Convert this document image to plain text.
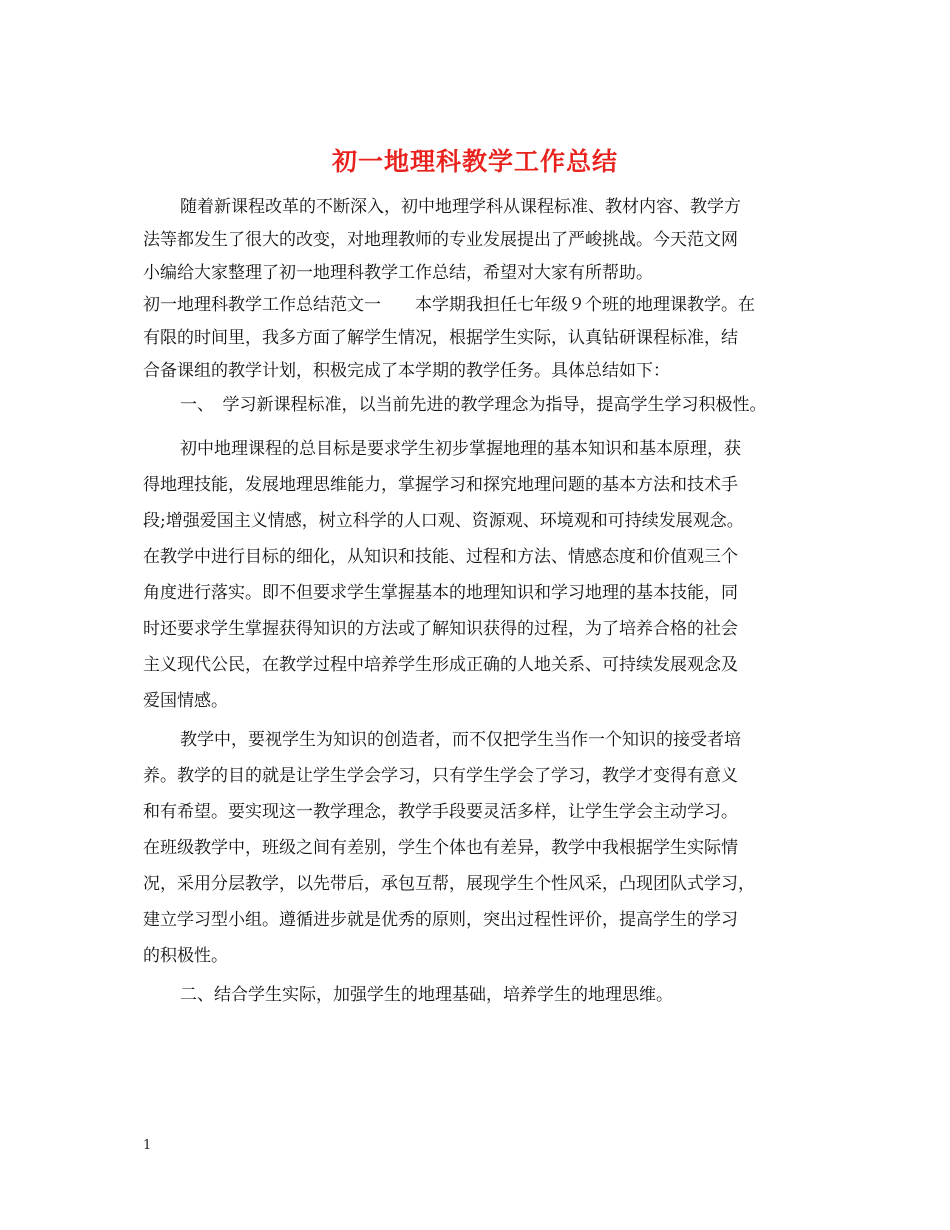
初一地理科教学工作总结
随着新课程改革的不断深入，初中地理学科从课程标准、教材内容、教学方
法等都发生了很大的改变，对地理教师的专业发展提出了严峻挑战。今天范文网
小编给大家整理了初一地理科教学工作总结，希望对大家有所帮助。
初一地理科教学工作总结范文一　　本学期我担任七年级９个班的地理课教学。在
有限的时间里，我多方面了解学生情况，根据学生实际，认真钻研课程标准，结
合备课组的教学计划，积极完成了本学期的教学任务。具体总结如下：
一、　学习新课程标准，以当前先进的教学理念为指导，提高学生学习积极性。
初中地理课程的总目标是要求学生初步掌握地理的基本知识和基本原理，获
得地理技能，发展地理思维能力，掌握学习和探究地理问题的基本方法和技术手
段;增强爱国主义情感，树立科学的人口观、资源观、环境观和可持续发展观念。
在教学中进行目标的细化，从知识和技能、过程和方法、情感态度和价值观三个
角度进行落实。即不但要求学生掌握基本的地理知识和学习地理的基本技能，同
时还要求学生掌握获得知识的方法或了解知识获得的过程，为了培养合格的社会
主义现代公民，在教学过程中培养学生形成正确的人地关系、可持续发展观念及
爱国情感。
教学中，要视学生为知识的创造者，而不仅把学生当作一个知识的接受者培
养。教学的目的就是让学生学会学习，只有学生学会了学习，教学才变得有意义
和有希望。要实现这一教学理念，教学手段要灵活多样，让学生学会主动学习。
在班级教学中，班级之间有差别，学生个体也有差异，教学中我根据学生实际情
况，采用分层教学，以先带后，承包互帮，展现学生个性风采，凸现团队式学习，
建立学习型小组。遵循进步就是优秀的原则，突出过程性评价，提高学生的学习
的积极性。
二、结合学生实际，加强学生的地理基础，培养学生的地理思维。
1
